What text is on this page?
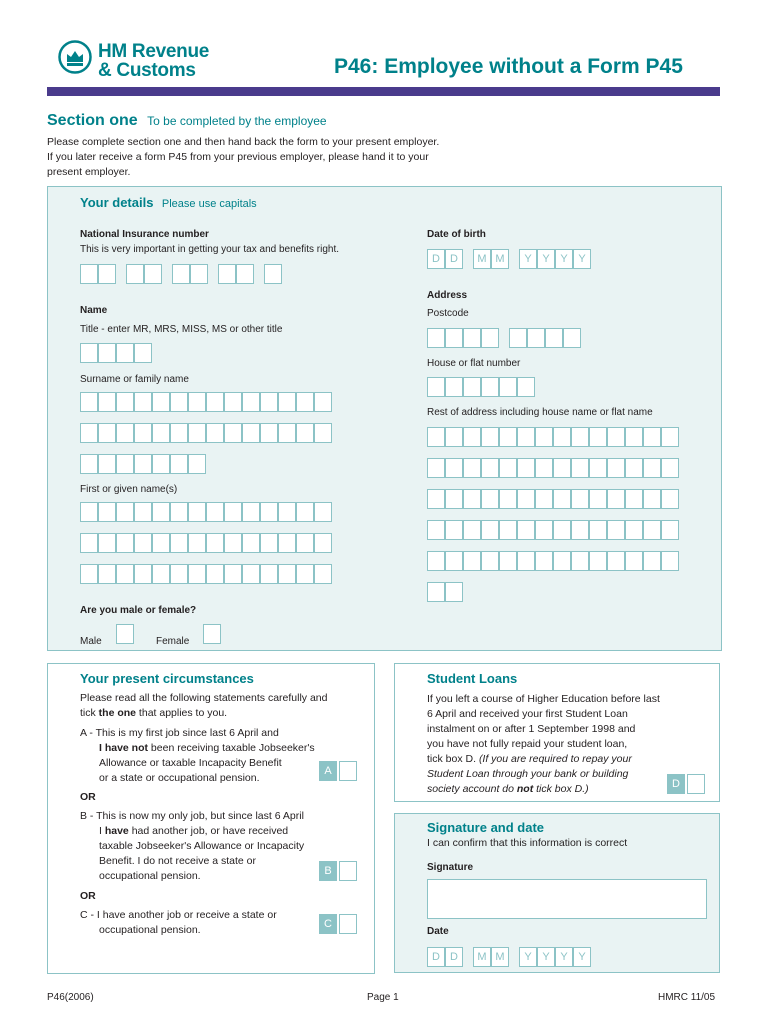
HM Revenue
& Customs	P46: Employee without a Form P45
Section one To be completed by the employee
Please complete section one and then hand back the form to your present employer.
If you later receive a form P45 from your previous employer, please hand it to your
present employer.
Your details Please use capitals
National Insurance number
This is very important in getting your tax and benefits right.
Name
Title - enter MR, MRS, MISS, MS or other title
Surname or family name
First or given name(s)
Are you male or female?
Male	Female
Date of birth
D D	M M	Y Y Y Y
Address
Postcode
House or flat number
Rest of address including house name or flat name
Your present circumstances
Please read all the following statements carefully and
tick the one that applies to you.
A - This is my first job since last 6 April and
I have not been receiving taxable Jobseeker's
Allowance or taxable Incapacity Benefit
or a state or occupational pension.
A
OR
B - This is now my only job, but since last 6 April
I have had another job, or have received
taxable Jobseeker's Allowance or Incapacity
Benefit. I do not receive a state or
occupational pension.	B
OR
C - I have another job or receive a state or
occupational pension.	C
Student Loans
If you left a course of Higher Education before last
6 April and received your first Student Loan
instalment on or after 1 September 1998 and
you have not fully repaid your student loan,
tick box D. (If you are required to repay your
Student Loan through your bank or building
society account do not tick box D.)	D
Signature and date
I can confirm that this information is correct
Signature
Date
D D	M M	Y Y Y Y
P46(2006)	Page 1	HMRC 11/05
